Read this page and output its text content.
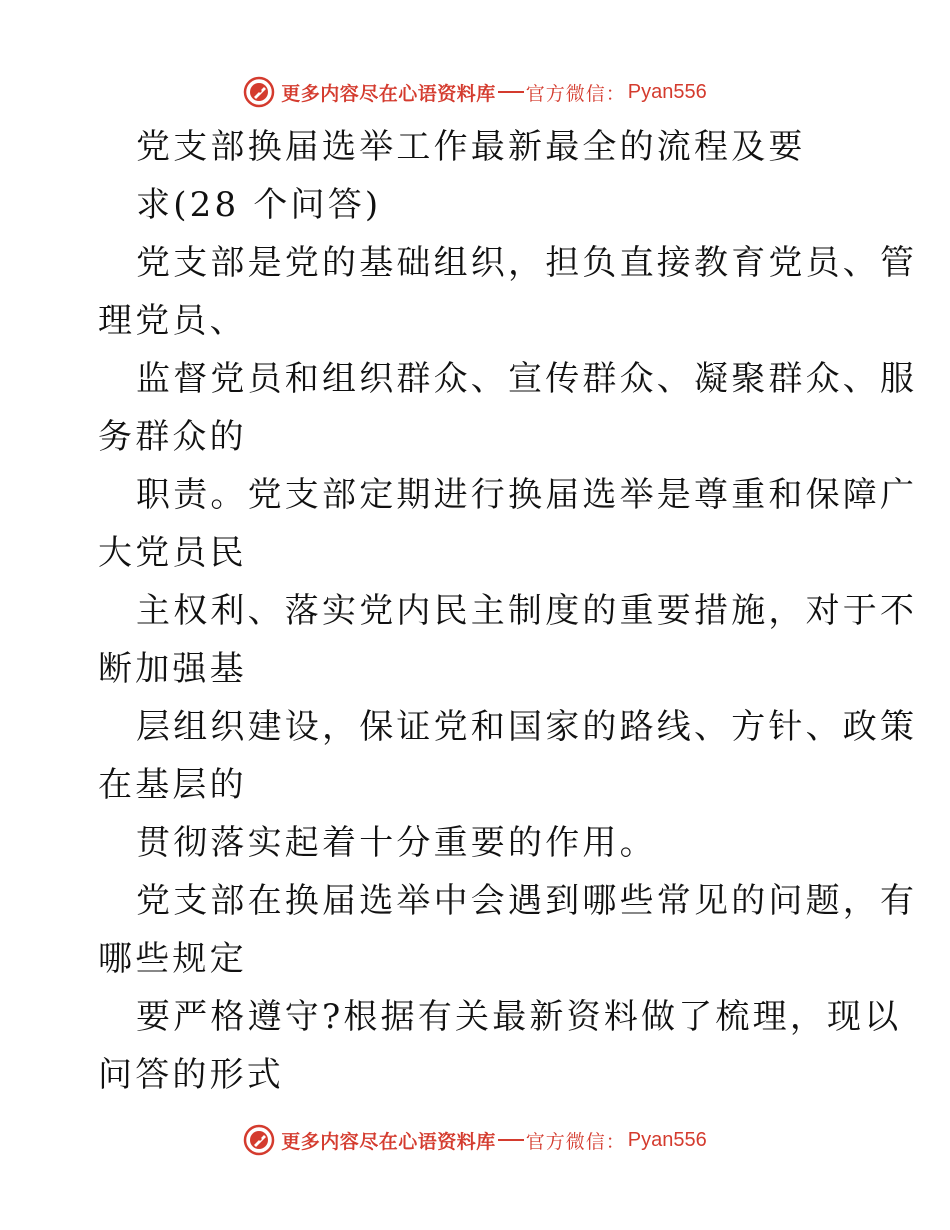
更多内容尽在心语资料库 官方微信： Pyan556
党支部换届选举工作最新最全的流程及要
求(28 个问答)
党支部是党的基础组织，担负直接教育党员、管
理党员、
监督党员和组织群众、宣传群众、凝聚群众、服
务群众的
职责。党支部定期进行换届选举是尊重和保障广
大党员民
主权利、落实党内民主制度的重要措施，对于不
断加强基
层组织建设，保证党和国家的路线、方针、政策
在基层的
贯彻落实起着十分重要的作用。
党支部在换届选举中会遇到哪些常见的问题，有
哪些规定
要严格遵守?根据有关最新资料做了梳理，现以
问答的形式
更多内容尽在心语资料库 官方微信： Pyan556
